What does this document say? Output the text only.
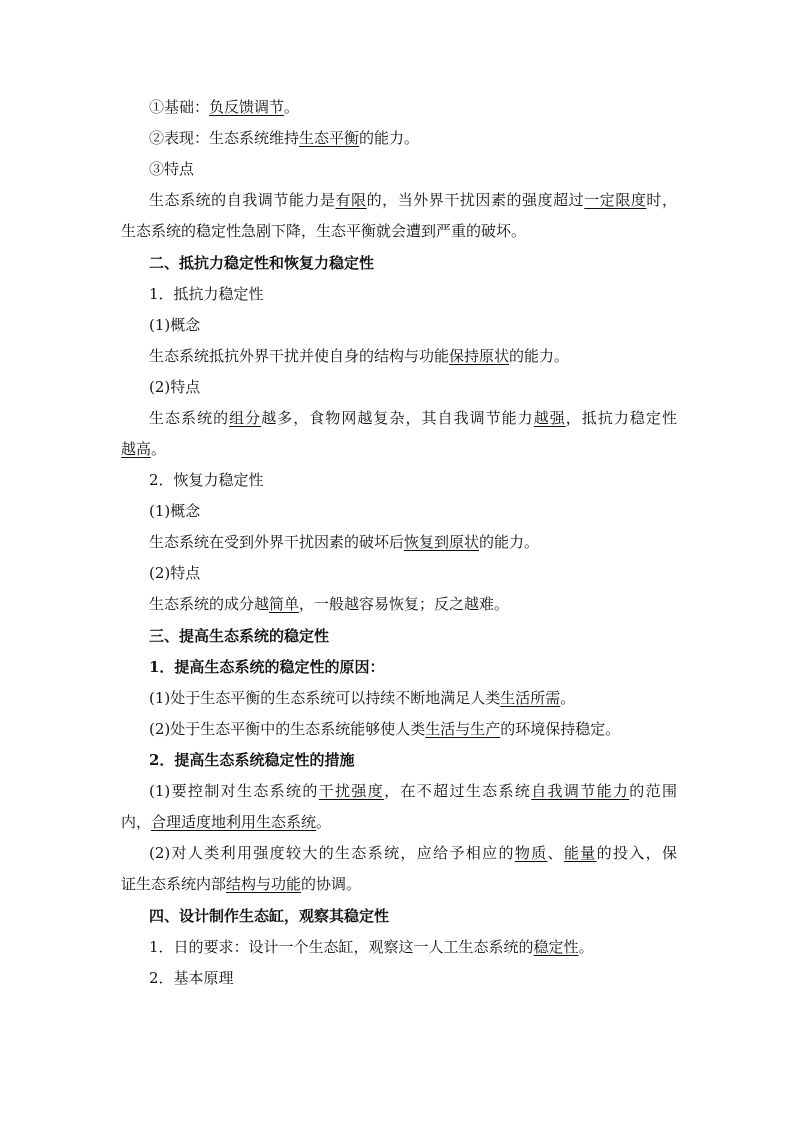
①基础：负反馈调节。
②表现：生态系统维持生态平衡的能力。
③特点
生态系统的自我调节能力是有限的，当外界干扰因素的强度超过一定限度时，
生态系统的稳定性急剧下降，生态平衡就会遭到严重的破坏。
二、抵抗力稳定性和恢复力稳定性
1．抵抗力稳定性
(1)概念
生态系统抵抗外界干扰并使自身的结构与功能保持原状的能力。
(2)特点
生态系统的组分越多，食物网越复杂，其自我调节能力越强，抵抗力稳定性
越高。
2．恢复力稳定性
(1)概念
生态系统在受到外界干扰因素的破坏后恢复到原状的能力。
(2)特点
生态系统的成分越简单，一般越容易恢复；反之越难。
三、提高生态系统的稳定性
1．提高生态系统的稳定性的原因：
(1)处于生态平衡的生态系统可以持续不断地满足人类生活所需。
(2)处于生态平衡中的生态系统能够使人类生活与生产的环境保持稳定。
2．提高生态系统稳定性的措施
(1)要控制对生态系统的干扰强度，在不超过生态系统自我调节能力的范围
内，合理适度地利用生态系统。
(2)对人类利用强度较大的生态系统，应给予相应的物质、能量的投入，保
证生态系统内部结构与功能的协调。
四、设计制作生态缸，观察其稳定性
1．日的要求：设计一个生态缸，观察这一人工生态系统的稳定性。
2．基本原理
